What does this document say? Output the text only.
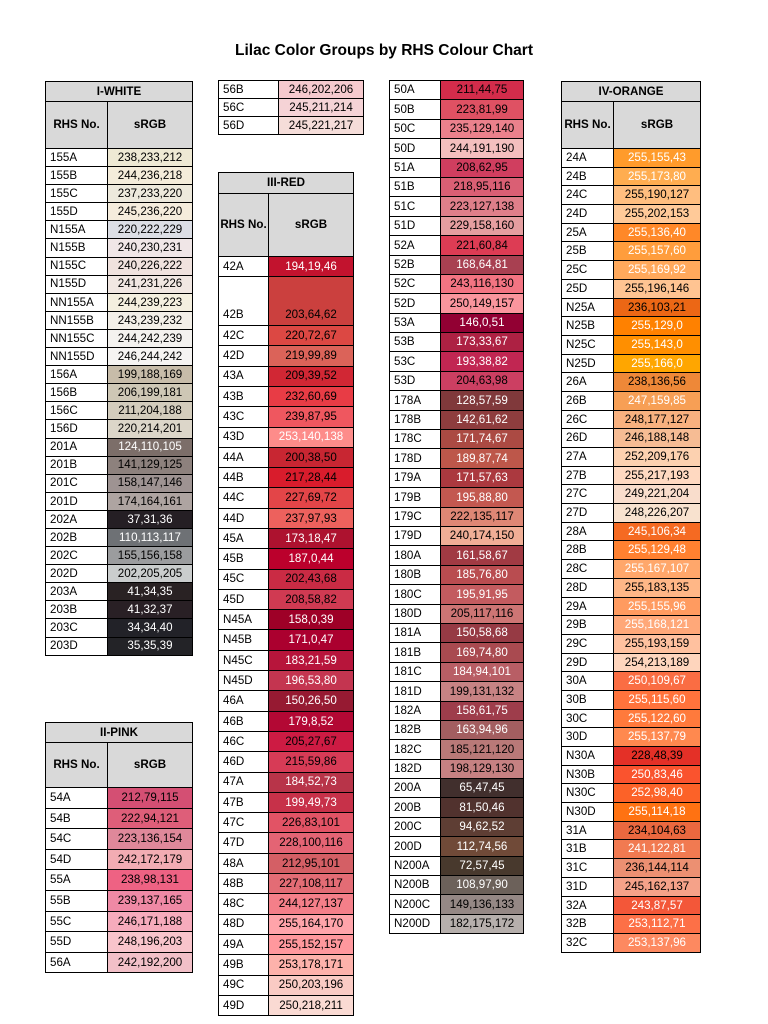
Lilac Color Groups by RHS Colour Chart
I-WHITE	
RHS No.	sRGB
155A	238,233,212
155B	244,236,218
155C	237,233,220
155D	245,236,220
N155A	220,222,229
N155B	240,230,231
N155C	240,226,222
N155D	241,231,226
NN155A	244,239,223
NN155B	243,239,232
NN155C	244,242,239
NN155D	246,244,242
156A	199,188,169
156B	206,199,181
156C	211,204,188
156D	220,214,201
201A	124,110,105
201B	141,129,125
201C	158,147,146
201D	174,164,161
202A	37,31,36
202B	110,113,117
202C	155,156,158
202D	202,205,205
203A	41,34,35
203B	41,32,37
203C	34,34,40
203D	35,35,39
II-PINK	
RHS No.	sRGB
54A	212,79,115
54B	222,94,121
54C	223,136,154
54D	242,172,179
55A	238,98,131
55B	239,137,165
55C	246,171,188
55D	248,196,203
56A	242,192,200
56B	246,202,206
56C	245,211,214
56D	245,221,217
III-RED	
RHS No.	sRGB
42A	194,19,46
42B	203,64,62
42C	220,72,67
42D	219,99,89
43A	209,39,52
43B	232,60,69
43C	239,87,95
43D	253,140,138
44A	200,38,50
44B	217,28,44
44C	227,69,72
44D	237,97,93
45A	173,18,47
45B	187,0,44
45C	202,43,68
45D	208,58,82
N45A	158,0,39
N45B	171,0,47
N45C	183,21,59
N45D	196,53,80
46A	150,26,50
46B	179,8,52
46C	205,27,67
46D	215,59,86
47A	184,52,73
47B	199,49,73
47C	226,83,101
47D	228,100,116
48A	212,95,101
48B	227,108,117
48C	244,127,137
48D	255,164,170
49A	255,152,157
49B	253,178,171
49C	250,203,196
49D	250,218,211
50A	211,44,75
50B	223,81,99
50C	235,129,140
50D	244,191,190
51A	208,62,95
51B	218,95,116
51C	223,127,138
51D	229,158,160
52A	221,60,84
52B	168,64,81
52C	243,116,130
52D	250,149,157
53A	146,0,51
53B	173,33,67
53C	193,38,82
53D	204,63,98
178A	128,57,59
178B	142,61,62
178C	171,74,67
178D	189,87,74
179A	171,57,63
179B	195,88,80
179C	222,135,117
179D	240,174,150
180A	161,58,67
180B	185,76,80
180C	195,91,95
180D	205,117,116
181A	150,58,68
181B	169,74,80
181C	184,94,101
181D	199,131,132
182A	158,61,75
182B	163,94,96
182C	185,121,120
182D	198,129,130
200A	65,47,45
200B	81,50,46
200C	94,62,52
200D	112,74,56
N200A	72,57,45
N200B	108,97,90
N200C	149,136,133
N200D	182,175,172
IV-ORANGE	
RHS No.	sRGB
24A	255,155,43
24B	255,173,80
24C	255,190,127
24D	255,202,153
25A	255,136,40
25B	255,157,60
25C	255,169,92
25D	255,196,146
N25A	236,103,21
N25B	255,129,0
N25C	255,143,0
N25D	255,166,0
26A	238,136,56
26B	247,159,85
26C	248,177,127
26D	246,188,148
27A	252,209,176
27B	255,217,193
27C	249,221,204
27D	248,226,207
28A	245,106,34
28B	255,129,48
28C	255,167,107
28D	255,183,135
29A	255,155,96
29B	255,168,121
29C	255,193,159
29D	254,213,189
30A	250,109,67
30B	255,115,60
30C	255,122,60
30D	255,137,79
N30A	228,48,39
N30B	250,83,46
N30C	252,98,40
N30D	255,114,18
31A	234,104,63
31B	241,122,81
31C	236,144,114
31D	245,162,137
32A	243,87,57
32B	253,112,71
32C	253,137,96
